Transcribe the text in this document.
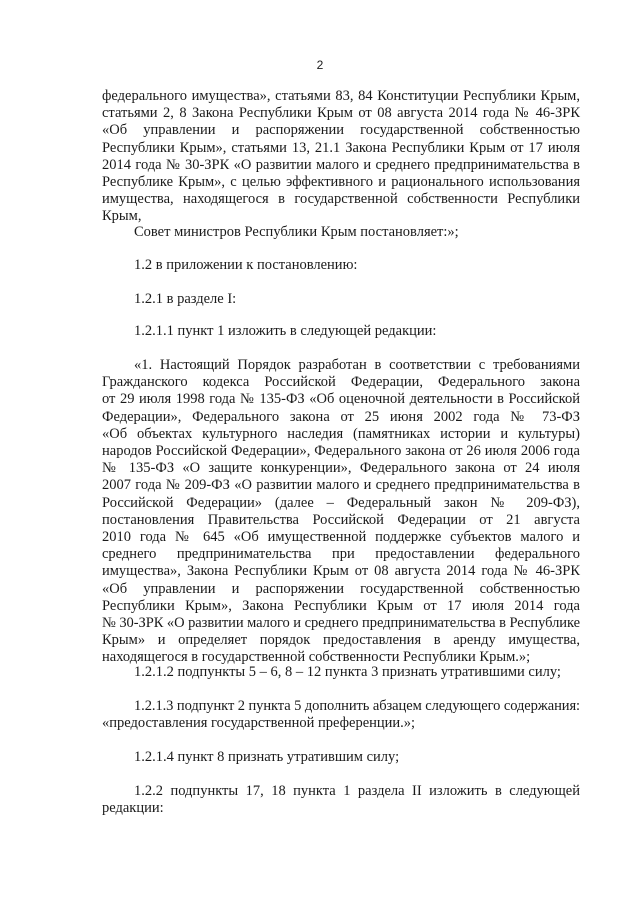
2
федерального имущества», статьями 83, 84 Конституции Республики Крым,
статьями 2, 8 Закона Республики Крым от 08 августа 2014 года № 46-ЗРК
«Об управлении и распоряжении государственной собственностью
Республики Крым», статьями 13, 21.1 Закона Республики Крым от 17 июля
2014 года № 30-ЗРК «О развитии малого и среднего предпринимательства в
Республике Крым», с целью эффективного и рационального использования
имущества, находящегося в государственной собственности Республики
Крым,
Совет министров Республики Крым постановляет:»;
1.2 в приложении к постановлению:
1.2.1 в разделе I:
1.2.1.1 пункт 1 изложить в следующей редакции:
«1. Настоящий Порядок разработан в соответствии с требованиями
Гражданского кодекса Российской Федерации, Федерального закона
от 29 июля 1998 года № 135-ФЗ «Об оценочной деятельности в Российской
Федерации», Федерального закона от 25 июня 2002 года № 73-ФЗ
«Об объектах культурного наследия (памятниках истории и культуры)
народов Российской Федерации», Федерального закона от 26 июля 2006 года
№ 135-ФЗ «О защите конкуренции», Федерального закона от 24 июля
2007 года № 209-ФЗ «О развитии малого и среднего предпринимательства в
Российской Федерации» (далее – Федеральный закон № 209-ФЗ),
постановления Правительства Российской Федерации от 21 августа
2010 года № 645 «Об имущественной поддержке субъектов малого и
среднего предпринимательства при предоставлении федерального
имущества», Закона Республики Крым от 08 августа 2014 года № 46-ЗРК
«Об управлении и распоряжении государственной собственностью
Республики Крым», Закона Республики Крым от 17 июля 2014 года
№ 30-ЗРК «О развитии малого и среднего предпринимательства в Республике
Крым» и определяет порядок предоставления в аренду имущества,
находящегося в государственной собственности Республики Крым.»;
1.2.1.2 подпункты 5 – 6, 8 – 12 пункта 3 признать утратившими силу;
1.2.1.3 подпункт 2 пункта 5 дополнить абзацем следующего содержания:
«предоставления государственной преференции.»;
1.2.1.4 пункт 8 признать утратившим силу;
1.2.2 подпункты 17, 18 пункта 1 раздела II изложить в следующей
редакции:
